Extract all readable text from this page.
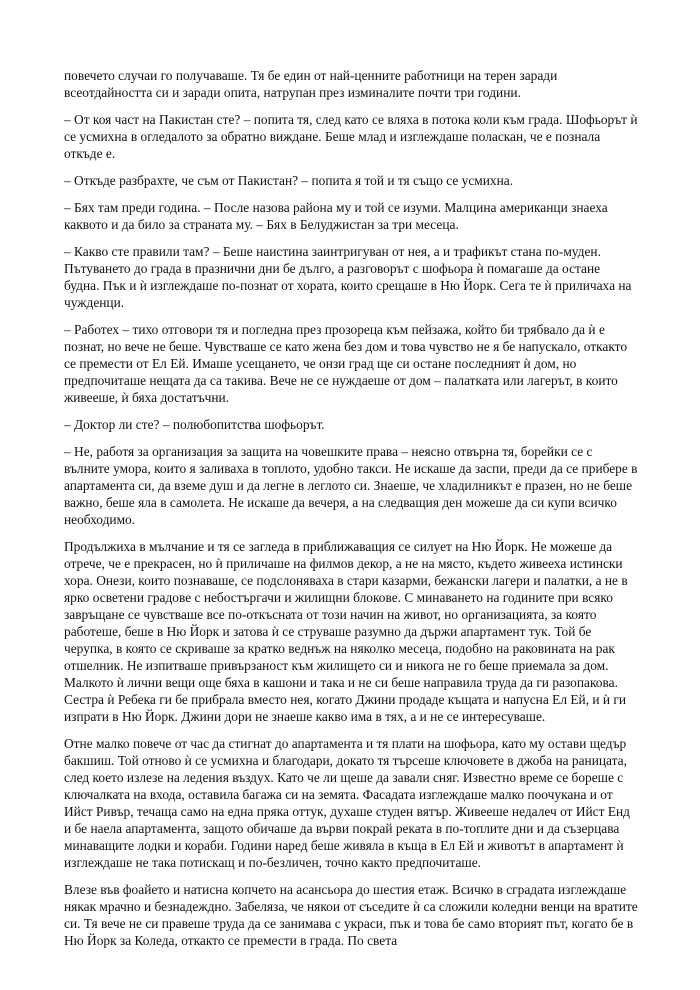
повечето случаи го получаваше. Тя бе един от най-ценните работници на терен заради всеотдайността си и заради опита, натрупан през изминалите почти три години.

– От коя част на Пакистан сте? – попита тя, след като се вляха в потока коли към града. Шофьорът ѝ се усмихна в огледалото за обратно виждане. Беше млад и изглеждаше поласкан, че е познала откъде е.

– Откъде разбрахте, че съм от Пакистан? – попита я той и тя също се усмихна.

– Бях там преди година. – После назова района му и той се изуми. Малцина американци знаеха каквото и да било за страната му. – Бях в Белуджистан за три месеца.

– Какво сте правили там? – Беше наистина заинтригуван от нея, а и трафикът стана по-муден. Пътуването до града в празнични дни бе дълго, а разговорът с шофьора ѝ помагаше да остане будна. Пък и ѝ изглеждаше по-познат от хората, които срещаше в Ню Йорк. Сега те ѝ приличаха на чужденци.

– Работех – тихо отговори тя и погледна през прозореца към пейзажа, който би трябвало да ѝ е познат, но вече не беше. Чувстваше се като жена без дом и това чувство не я бе напускало, откакто се премести от Ел Ей. Имаше усещането, че онзи град ще си остане последният ѝ дом, но предпочиташе нещата да са такива. Вече не се нуждаеше от дом – палатката или лагерът, в които живееше, ѝ бяха достатъчни.

– Доктор ли сте? – полюбопитства шофьорът.

– Не, работя за организация за защита на човешките права – неясно отвърна тя, борейки се с вълните умора, които я заливаха в топлото, удобно такси. Не искаше да заспи, преди да се прибере в апартамента си, да вземе душ и да легне в леглото си. Знаеше, че хладилникът е празен, но не беше важно, беше яла в самолета. Не искаше да вечеря, а на следващия ден можеше да си купи всичко необходимо.

Продължиха в мълчание и тя се загледа в приближаващия се силует на Ню Йорк. Не можеше да отрече, че е прекрасен, но ѝ приличаше на филмов декор, а не на място, където живееха истински хора. Онези, които познаваше, се подслоняваха в стари казарми, бежански лагери и палатки, а не в ярко осветени градове с небостъргачи и жилищни блокове. С минаването на годините при всяко завръщане се чувстваше все по-откъсната от този начин на живот, но организацията, за която работеше, беше в Ню Йорк и затова ѝ се струваше разумно да държи апартамент тук. Той бе черупка, в която се скриваше за кратко веднъж на няколко месеца, подобно на раковината на рак отшелник. Не изпитваше привързаност към жилището си и никога не го беше приемала за дом. Малкото ѝ лични вещи още бяха в кашони и така и не си беше направила труда да ги разопакова. Сестра ѝ Ребека ги бе прибрала вместо нея, когато Джини продаде къщата и напусна Ел Ей, и ѝ ги изпрати в Ню Йорк. Джини дори не знаеше какво има в тях, а и не се интересуваше.

Отне малко повече от час да стигнат до апартамента и тя плати на шофьора, като му остави щедър бакшиш. Той отново ѝ се усмихна и благодари, докато тя търсеше ключовете в джоба на раницата, след което излезе на ледения въздух. Като че ли щеше да завали сняг. Известно време се бореше с ключалката на входа, оставила багажа си на земята. Фасадата изглеждаше малко поочукана и от Ийст Ривър, течаща само на една пряка оттук, духаше студен вятър. Живееше недалеч от Ийст Енд и бе наела апартамента, защото обичаше да върви покрай реката в по-топлите дни и да съзерцава минаващите лодки и кораби. Години наред беше живяла в къща в Ел Ей и животът в апартамент ѝ изглеждаше не така потискащ и по-безличен, точно както предпочиташе.

Влезе във фоайето и натисна копчето на асансьора до шестия етаж. Всичко в сградата изглеждаше някак мрачно и безнадеждно. Забеляза, че някои от съседите ѝ са сложили коледни венци на вратите си. Тя вече не си правеше труда да се занимава с украси, пък и това бе само вторият път, когато бе в Ню Йорк за Коледа, откакто се премести в града. По света
